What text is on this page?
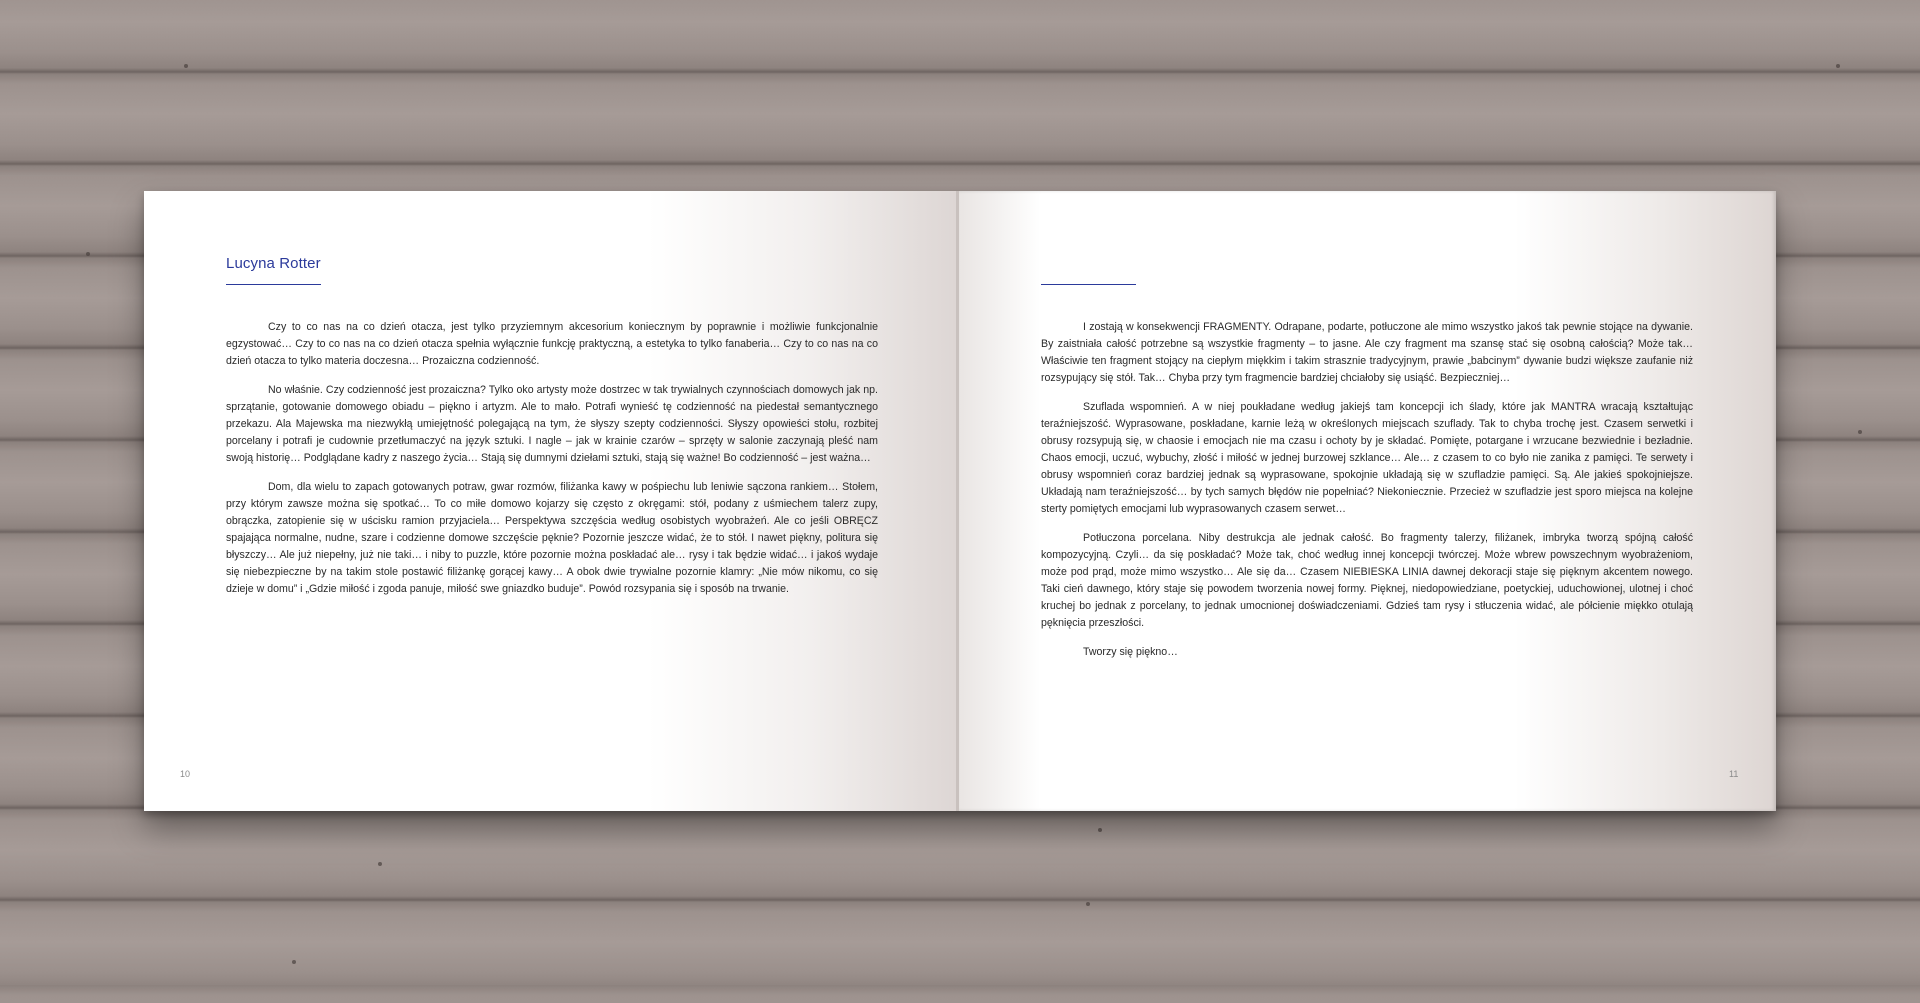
Lucyna Rotter

Czy to co nas na co dzień otacza, jest tylko przyziemnym akcesorium koniecznym by poprawnie i możliwie funkcjonalnie egzystować… Czy to co nas na co dzień otacza spełnia wyłącznie funkcję praktyczną, a estetyka to tylko fanaberia… Czy to co nas na co dzień otacza to tylko materia doczesna… Prozaiczna codzienność.

No właśnie. Czy codzienność jest prozaiczna? Tylko oko artysty może dostrzec w tak trywialnych czynnościach domowych jak np. sprzątanie, gotowanie domowego obiadu – piękno i artyzm. Ale to mało. Potrafi wynieść tę codzienność na piedestał semantycznego przekazu. Ala Majewska ma niezwykłą umiejętność polegającą na tym, że słyszy szepty codzienności. Słyszy opowieści stołu, rozbitej porcelany i potrafi je cudownie przetłumaczyć na język sztuki. I nagle – jak w krainie czarów – sprzęty w salonie zaczynają pleść nam swoją historię… Podglądane kadry z naszego życia… Stają się dumnymi dziełami sztuki, stają się ważne! Bo codzienność – jest ważna…

Dom, dla wielu to zapach gotowanych potraw, gwar rozmów, filiżanka kawy w pośpiechu lub leniwie sączona rankiem… Stołem, przy którym zawsze można się spotkać… To co miłe domowo kojarzy się często z okręgami: stół, podany z uśmiechem talerz zupy, obrączka, zatopienie się w uścisku ramion przyjaciela… Perspektywa szczęścia według osobistych wyobrażeń. Ale co jeśli OBRĘCZ spajająca normalne, nudne, szare i codzienne domowe szczęście pęknie? Pozornie jeszcze widać, że to stół. I nawet piękny, politura się błyszczy… Ale już niepełny, już nie taki… i niby to puzzle, które pozornie można poskładać ale… rysy i tak będzie widać… i jakoś wydaje się niebezpieczne by na takim stole postawić filiżankę gorącej kawy… A obok dwie trywialne pozornie klamry: „Nie mów nikomu, co się dzieje w domu” i „Gdzie miłość i zgoda panuje, miłość swe gniazdko buduje”. Powód rozsypania się i sposób na trwanie.

10

I zostają w konsekwencji FRAGMENTY. Odrapane, podarte, potłuczone ale mimo wszystko jakoś tak pewnie stojące na dywanie. By zaistniała całość potrzebne są wszystkie fragmenty – to jasne. Ale czy fragment ma szansę stać się osobną całością? Może tak… Właściwie ten fragment stojący na ciepłym miękkim i takim strasznie tradycyjnym, prawie „babcinym” dywanie budzi większe zaufanie niż rozsypujący się stół. Tak… Chyba przy tym fragmencie bardziej chciałoby się usiąść. Bezpieczniej…

Szuflada wspomnień. A w niej poukładane według jakiejś tam koncepcji ich ślady, które jak MANTRA wracają kształtując teraźniejszość. Wyprasowane, poskładane, karnie leżą w określonych miejscach szuflady. Tak to chyba trochę jest. Czasem serwetki i obrusy rozsypują się, w chaosie i emocjach nie ma czasu i ochoty by je składać. Pomięte, potargane i wrzucane bezwiednie i bezładnie. Chaos emocji, uczuć, wybuchy, złość i miłość w jednej burzowej szklance… Ale… z czasem to co było nie zanika z pamięci. Te serwety i obrusy wspomnień coraz bardziej jednak są wyprasowane, spokojnie układają się w szufladzie pamięci. Są. Ale jakieś spokojniejsze. Układają nam teraźniejszość… by tych samych błędów nie popełniać? Niekoniecznie. Przecież w szufladzie jest sporo miejsca na kolejne sterty pomiętych emocjami lub wyprasowanych czasem serwet…

Potłuczona porcelana. Niby destrukcja ale jednak całość. Bo fragmenty talerzy, filiżanek, imbryka tworzą spójną całość kompozycyjną. Czyli… da się poskładać? Może tak, choć według innej koncepcji twórczej. Może wbrew powszechnym wyobrażeniom, może pod prąd, może mimo wszystko… Ale się da… Czasem NIEBIESKA LINIA dawnej dekoracji staje się pięknym akcentem nowego. Taki cień dawnego, który staje się powodem tworzenia nowej formy. Pięknej, niedopowiedziane, poetyckiej, uduchowionej, ulotnej i choć kruchej bo jednak z porcelany, to jednak umocnionej doświadczeniami. Gdzieś tam rysy i stłuczenia widać, ale półcienie miękko otulają pęknięcia przeszłości.

Tworzy się piękno…

11
